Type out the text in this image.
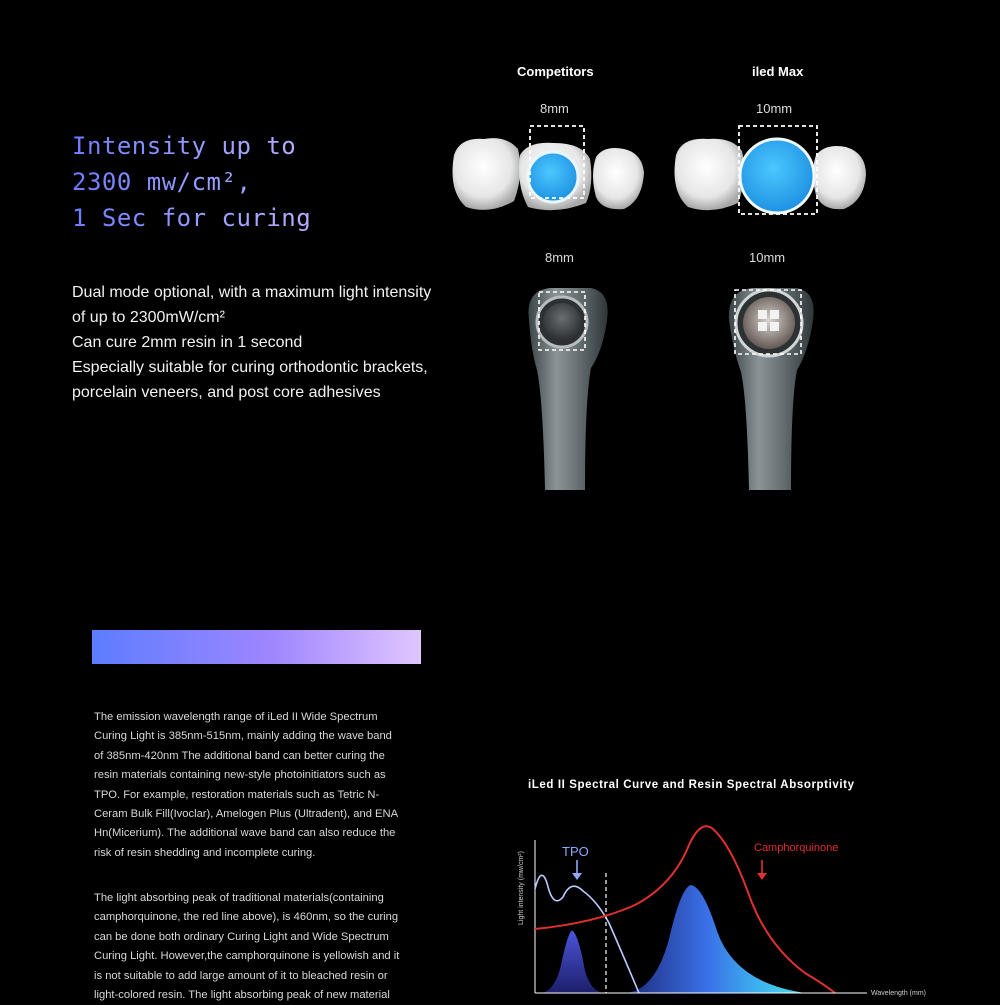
Intensity up to
2300 mw/cm²,
1 Sec for curing
Dual mode optional, with a maximum light intensity
of up to 2300mW/cm²
Can cure 2mm resin in 1 second
Especially suitable for curing orthodontic brackets,
porcelain veneers, and post core adhesives
Competitors	iled Max
8mm	10mm
8mm	10mm
The emission wavelength range of iLed II Wide Spectrum
Curing Light is 385nm-515nm, mainly adding the wave band
of 385nm-420nm The additional band can better curing the
resin materials containing new-style photoinitiators such as
TPO. For example, restoration materials such as Tetric N-
Ceram Bulk Fill(Ivoclar), Amelogen Plus (Ultradent), and ENA
Hn(Micerium). The additional wave band can also reduce the
risk of resin shedding and incomplete curing.
The light absorbing peak of traditional materials(containing
camphorquinone, the red line above), is 460nm, so the curing
can be done both ordinary Curing Light and Wide Spectrum
Curing Light. However,the camphorquinone is yellowish and it
is not suitable to add large amount of it to bleached resin or
light-colored resin. The light absorbing peak of new material
iLed II Spectral Curve and Resin Spectral Absorptivity
Light intensity (mw/cm²)	TPO	Camphorquinone
Wavelength (mm)
